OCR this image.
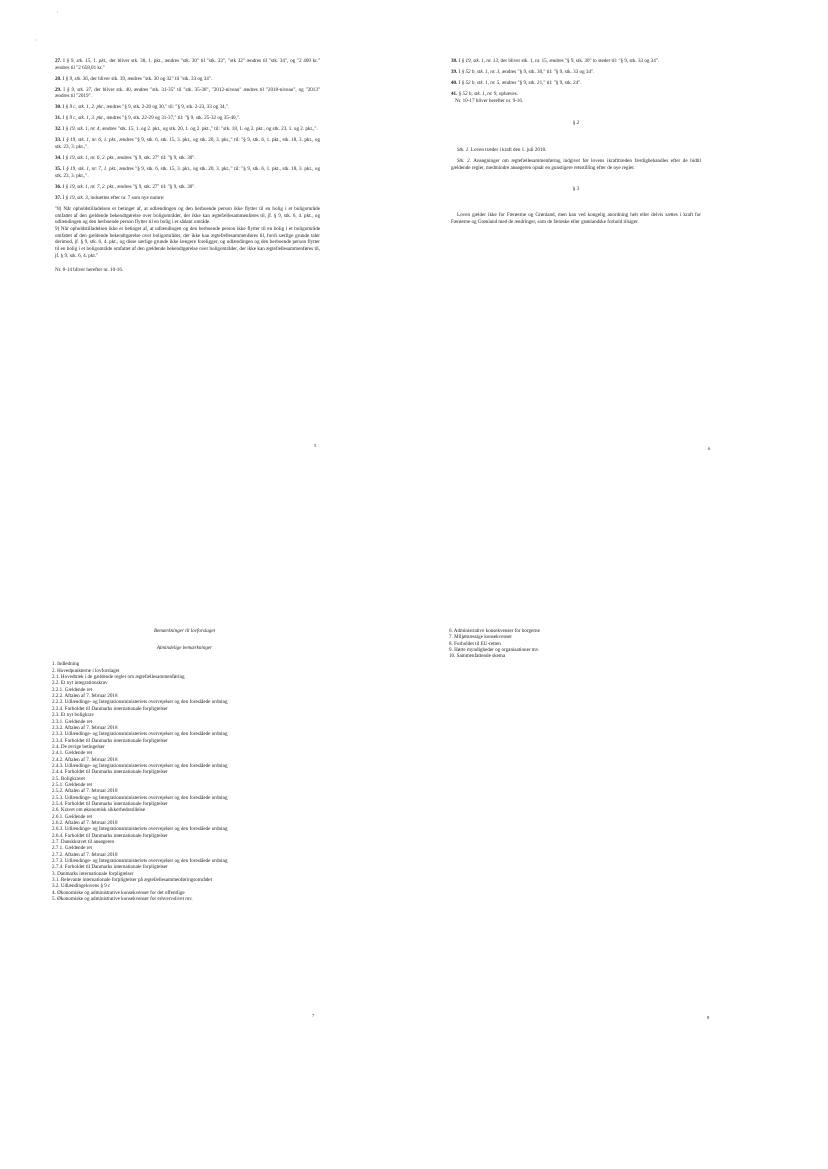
'
'
27. I § 9, stk. 15, 1. pkt., der bliver stk. 38, 1. pkt., ændres "stk. 30" til "stk. 33", "stk 32" ændres til "stk. 34", og "2 400 kr." ændres til "2 658,01 kr."
28. I § 9, stk. 36, der bliver stk. 39, ændres "stk. 30 og 32" til "stk. 33 og 34".
29. I § 9, stk. 37, der bliver stk. 40, ændres "stk. 31-35" til "stk. 35-38", "2012-niveau" ændres til "2018-niveau", og "2013" ændres til "2019".
30. I § 9 c, stk. 1, 2. pkt., ændres "§ 9, stk. 2-20 og 30," til: "§ 9, stk. 2-23, 33 og 34,".
31. I § 9 c, stk. 1, 3. pkt., ændres "§ 9, stk. 22-29 og 31-37," til: "§ 9, stk. 25-32 og 35-40,".
32. I § 19, stk. 1, nr. 4, ændres "stk. 15, 1. og 2. pkt., og stk. 20, 1. og 2. pkt.," til: "stk. 18, 1. og 2. pkt., og stk. 23, 1. og 2. pkt.,".
33. I § 19, stk. 1, nr. 6, 1. pkt., ændres "§ 9, stk. 6, stk. 15, 3. pkt., og stk. 20, 3. pkt.," til: "§ 9, stk. 6, 1. pkt., stk. 18, 3. pkt., og stk. 23, 3. pkt.,".
34. I § 19, stk. 1, nr. 6, 2. pkt., ændres "§ 9, stk. 27" til: "§ 9, stk. 30".
35. I § 19, stk. 1, nr. 7, 1. pkt., ændres "§ 9, stk. 6, stk. 15, 3. pkt., og stk. 20, 3. pkt.," til: "§ 9, stk. 6, 1. pkt., stk. 18, 3. pkt., og stk. 23, 3. pkt.,".
36. I § 19, stk. 1, nr. 7, 2. pkt., ændres "§ 9, stk. 27" til: "§ 9, stk. 30".
37. I § 19, stk. 3, indsættes efter nr. 7 som nye numre:
"8) Når opholdstilladelsen er betinget af, at udlændingen og den herboende person ikke flytter til en bolig i et boligområde omfattet af den gældende bekendtgørelse over boligområder, der ikke kan ægtefællesammenføres til, jf. § 9, stk. 6, 4. pkt., og udlændingen og den herboende person flytter til en bolig i et sådant område.
9) Når opholdstilladelsen ikke er betinget af, at udlændingen og den herboende person ikke flytter til en bolig i et boligområde omfattet af den gældende bekendtgørelse over boligområder, der ikke kan ægtefællesammenføres til, fordi særlige grunde taler derimod, jf. § 9, stk. 6, 4. pkt., og disse særlige grunde ikke længere foreligger, og udlændingen og den herboende person flytter til en bolig i et boligområde omfattet af den gældende bekendtgørelse over boligområder, der ikke kan ægtefællesammenføres til, jf. § 9, stk. 6, 4. pkt."
Nr. 8-14 bliver herefter nr. 10-16.
5
38. I § 19, stk. 1, nr. 13, der bliver stk. 1, nr. 15, ændres "§ 9, stk. 30" to steder til: "§ 9, stk. 33 og 34".
39. I § 52 b, stk. 1, nr. 3, ændres "§ 9, stk. 30," til: "§ 9, stk. 33 og 34".
40. I § 52 b, stk. 1, nr. 5, ændres "§ 9, stk. 21," til: "§ 9, stk. 24".
41. § 52 b, stk. 1, nr. 9, ophæves.
Nr. 10-17 bliver herefter nr. 9-16.
§ 2
Stk. 1. Loven træder i kraft den 1. juli 2018.
Stk. 2. Ansøgninger om ægtefællesammenføring indgivet før lovens ikrafttræden færdigbehandles efter de hidtil gældende regler, medmindre ansøgeren opnår en gunstigere retsstilling efter de nye regler.
§ 3
Loven gælder ikke for Færøerne og Grønland, men kan ved kongelig anordning helt eller delvis sættes i kraft for Færøerne og Grønland med de ændringer, som de færøske eller grønlandske forhold tilsiger.
6
Bemærkninger til lovforslaget
Almindelige bemærkninger
1. Indledning
2. Hovedpunkterne i lovforslaget
2.1. Hovedtræk i de gældende regler om ægtefællesammenføring
2.2. Et nyt integrationskrav
2.2.1. Gældende ret
2.2.2. Aftalen af 7. februar 2018
2.2.3. Udlændinge- og Integrationsministeriets overvejelser og den foreslåede ordning
2.2.4. Forholdet til Danmarks internationale forpligtelser
2.3. Et nyt boligkrav
2.3.1. Gældende ret
2.3.2. Aftalen af 7. februar 2018
2.3.3. Udlændinge- og Integrationsministeriets overvejelser og den foreslåede ordning
2.3.4. Forholdet til Danmarks internationale forpligtelser
2.4. De øvrige betingelser
2.4.1. Gældende ret
2.4.2. Aftalen af 7. februar 2018
2.4.3. Udlændinge- og Integrationsministeriets overvejelser og den foreslåede ordning
2.4.4. Forholdet til Danmarks internationale forpligtelser
2.5. Boligkravet
2.5.1. Gældende ret
2.5.2. Aftalen af 7. februar 2018
2.5.3. Udlændinge- og Integrationsministeriets overvejelser og den foreslåede ordning
2.5.4. Forholdet til Danmarks internationale forpligtelser
2.6. Kravet om økonomisk sikkerhedsstillelse
2.6.1. Gældende ret
2.6.2. Aftalen af 7. februar 2018
2.6.3. Udlændinge- og Integrationsministeriets overvejelser og den foreslåede ordning
2.6.4. Forholdet til Danmarks internationale forpligtelser
2.7. Danskkravet til ansøgeren
2.7.1. Gældende ret
2.7.2. Aftalen af 7. februar 2018
2.7.3. Udlændinge- og Integrationsministeriets overvejelser og den foreslåede ordning
2.7.4. Forholdet til Danmarks internationale forpligtelser
3. Danmarks internationale forpligtelser
3.1. Relevante internationale forpligtelser på ægtefællesammenføringsområdet
3.2. Udlændingelovens § 9 c
4. Økonomiske og administrative konsekvenser for det offentlige
5. Økonomiske og administrative konsekvenser for erhvervslivet mv.
7
6. Administrative konsekvenser for borgerne
7. Miljømæssige konsekvenser
8. Forholdet til EU-retten
9. Hørte myndigheder og organisationer mv.
10. Sammenfattende skema
8
